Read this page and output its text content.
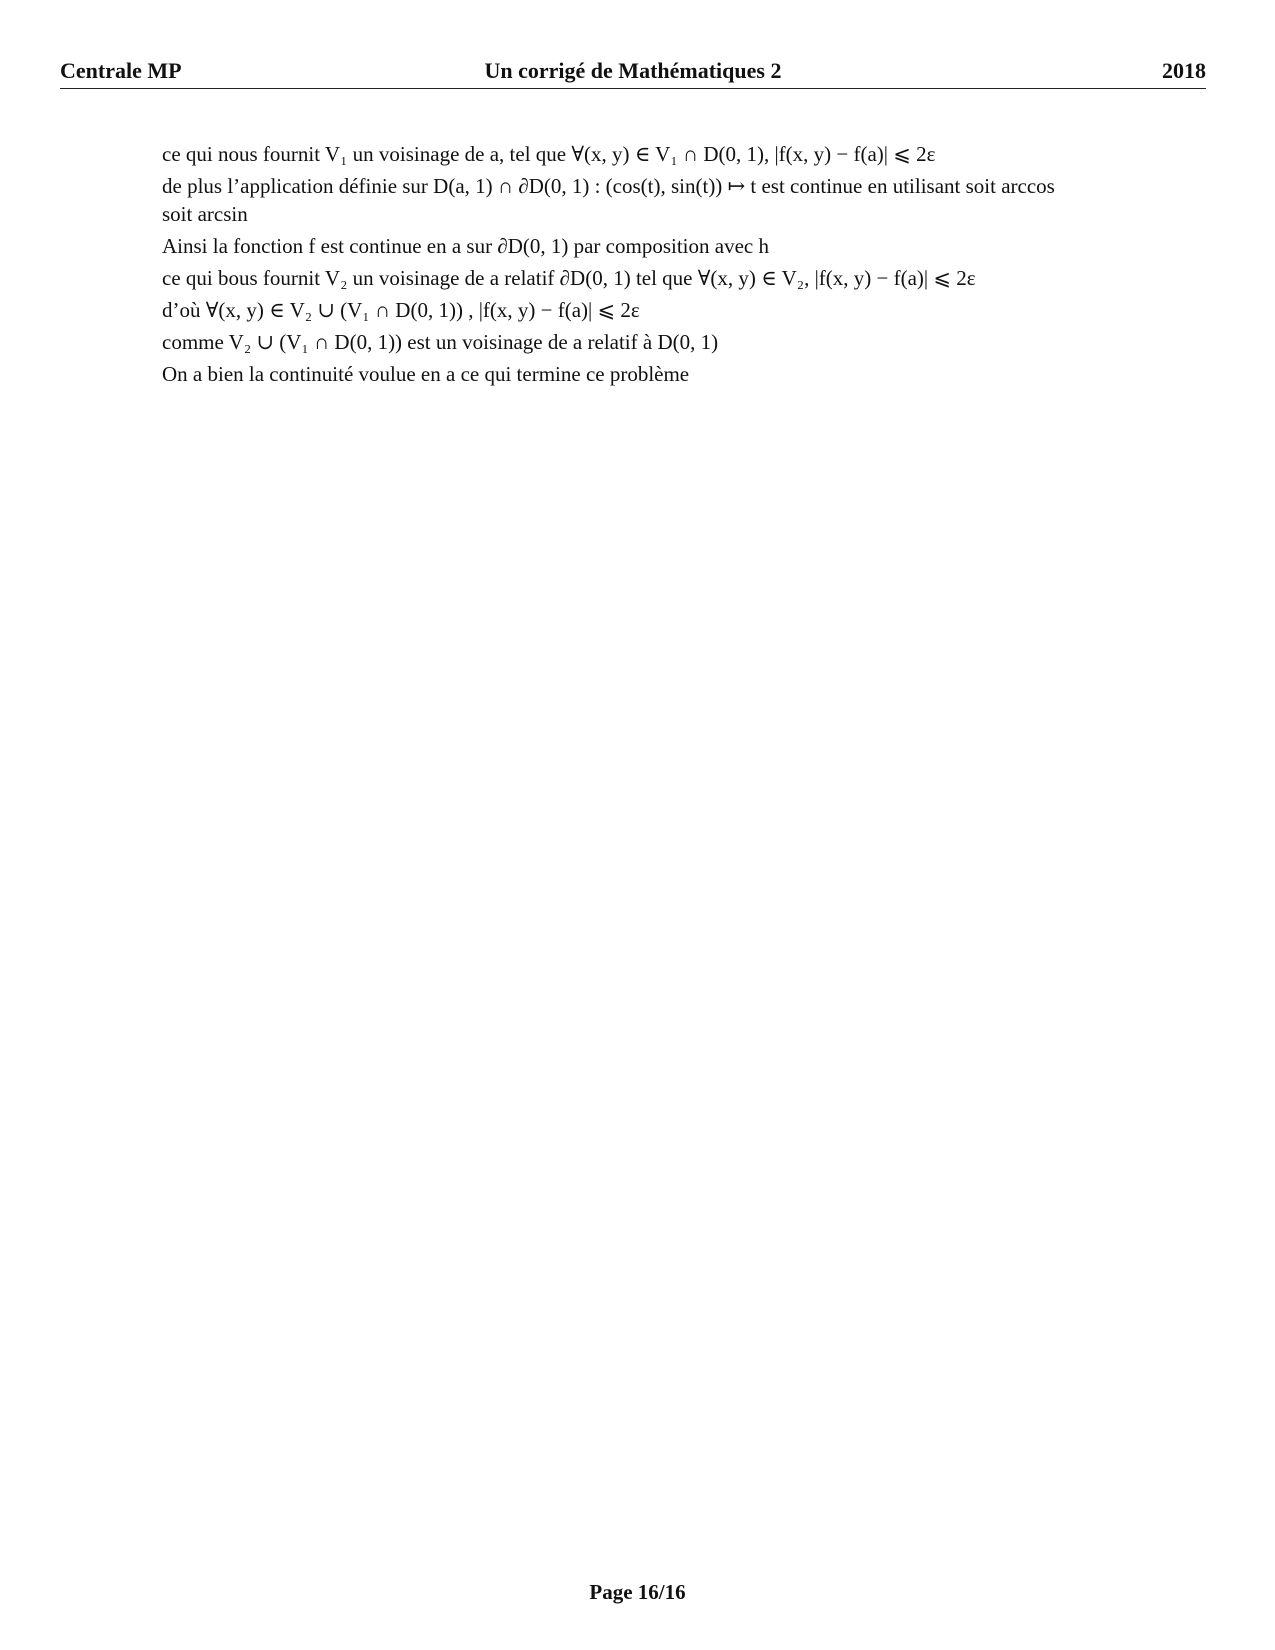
Centrale MP	Un corrigé de Mathématiques 2	2018
ce qui nous fournit V₁ un voisinage de a, tel que ∀(x, y) ∈ V₁ ∩ D(0, 1), |f(x, y) − f(a)| ⩽ 2ε
de plus l’application définie sur D(a, 1) ∩ ∂D(0, 1) : (cos(t), sin(t)) ↦ t est continue en utilisant soit arccos
soit arcsin
Ainsi la fonction f est continue en a sur ∂D(0, 1) par composition avec h
ce qui bous fournit V₂ un voisinage de a relatif ∂D(0, 1) tel que ∀(x, y) ∈ V₂, |f(x, y) − f(a)| ⩽ 2ε
d’où ∀(x, y) ∈ V₂ ∪ (V₁ ∩ D(0, 1)) , |f(x, y) − f(a)| ⩽ 2ε
comme V₂ ∪ (V₁ ∩ D(0, 1)) est un voisinage de a relatif à D(0, 1)
On a bien la continuité voulue en a ce qui termine ce problème
Page 16/16
